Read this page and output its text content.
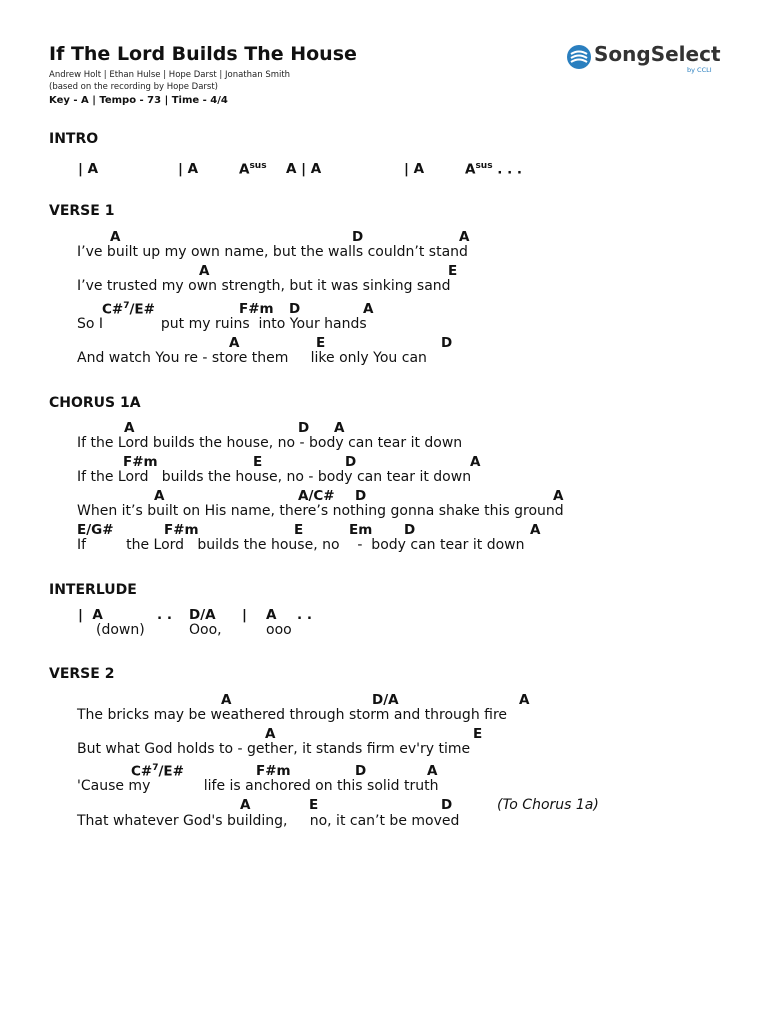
If The Lord Builds The House
Andrew Holt | Ethan Hulse | Hope Darst | Jonathan Smith
(based on the recording by Hope Darst)
Key - A | Tempo - 73 | Time - 4/4
SongSelect
by CCLI
INTRO
| A	| A	$A^{sus}$ A | A	| A	$A^{sus}$ . . .
VERSE 1
A	D	A
I’ve built up my own name, but the walls couldn’t stand
A	E
I’ve trusted my own strength, but it was sinking sand
C#$^7$/E#	F#m D	A
So I             put my ruins  into Your hands
A	E	D
And watch You re - store them     like only You can
CHORUS 1A
A	D A
If the Lord builds the house, no - body can tear it down
F#m	E	D	A
If the Lord   builds the house, no - body can tear it down
A	A/C# D	A
When it’s built on His name, there’s nothing gonna shake this ground
E/G#	F#m	E	Em D	A
If         the Lord   builds the house, no    -  body can tear it down
INTERLUDE
|  A	. . D/A | A . .
(down)	Ooo,	ooo
VERSE 2
A	D/A	A
The bricks may be weathered through storm and through fire
A	E
But what God holds to - gether, it stands firm ev'ry time
C#$^7$/E#	F#m	D	A
'Cause my            life is anchored on this solid truth
A	E	D	(To Chorus 1a)
That whatever God's building,     no, it can’t be moved
